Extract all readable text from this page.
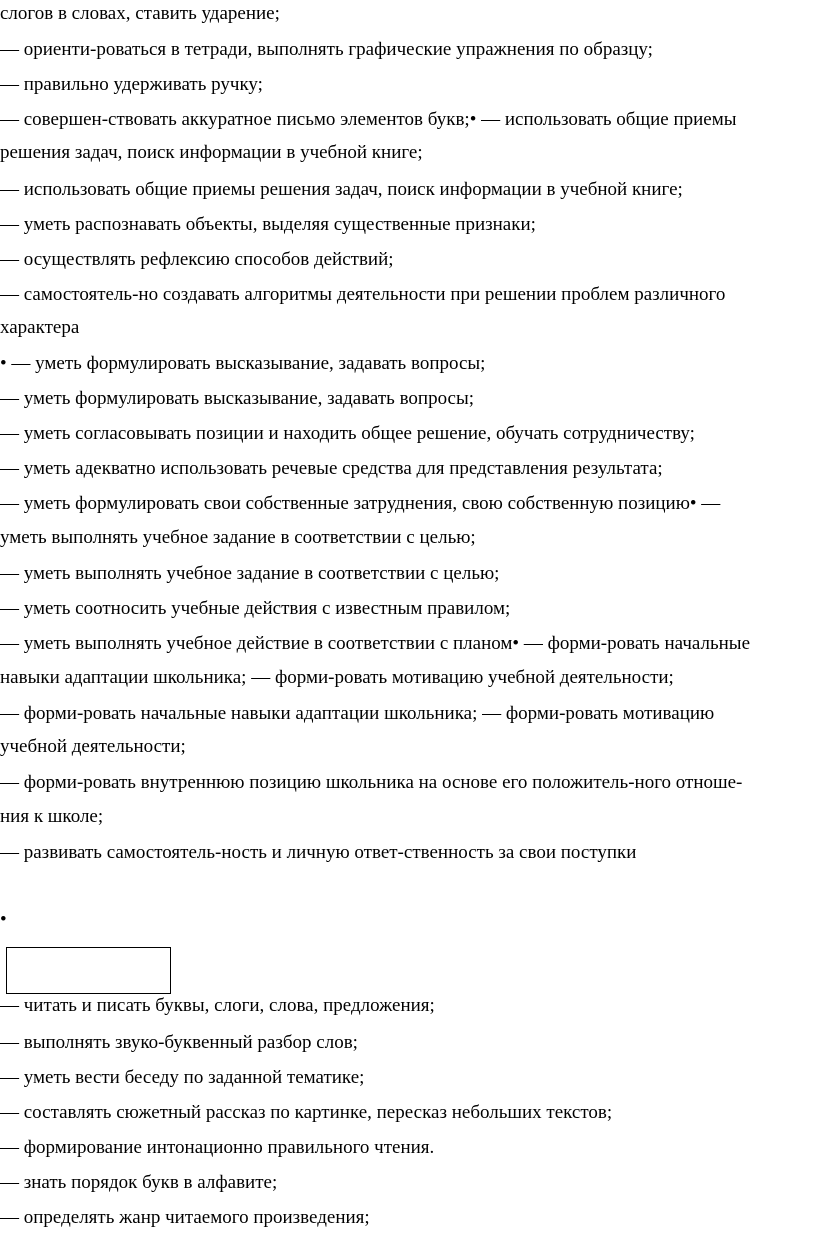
слогов в словах, ставить ударение;
— ориенти-роваться в тетради, выполнять графические упражнения по образцу;
— правильно удерживать ручку;
— совершен-ствовать аккуратное письмо элементов букв;• — использовать общие приемы
решения задач, поиск информации в учебной книге;
— использовать общие приемы решения задач, поиск информации в учебной книге;
— уметь распознавать объекты, выделяя существенные признаки;
— осуществлять рефлексию способов действий;
— самостоятель-но создавать алгоритмы деятельности при решении проблем различного
характера
• — уметь формулировать высказывание, задавать вопросы;
— уметь формулировать высказывание, задавать вопросы;
— уметь согласовывать позиции и находить общее решение, обучать сотрудничеству;
— уметь адекватно использовать речевые средства для представления результата;
— уметь формулировать свои собственные затруднения, свою собственную позицию• —
уметь выполнять учебное задание в соответствии с целью;
— уметь выполнять учебное задание в соответствии с целью;
— уметь соотносить учебные действия с известным правилом;
— уметь выполнять учебное действие в соответствии с планом• — форми-ровать начальные
навыки адаптации школьника; — форми-ровать мотивацию учебной деятельности;
— форми-ровать начальные навыки адаптации школьника; — форми-ровать мотивацию
учебной деятельности;
— форми-ровать внутреннюю позицию школьника на основе его положитель-ного отноше-
ния к школе;
— развивать самостоятель-ность и личную ответ-ственность за свои поступки
•
— читать и писать буквы, слоги, слова, предложения;
— выполнять звуко-буквенный разбор слов;
— уметь вести беседу по заданной тематике;
— составлять сюжетный рассказ по картинке, пересказ небольших текстов;
— формирование интонационно правильного чтения.
— знать порядок букв в алфавите;
— определять жанр читаемого произведения;
